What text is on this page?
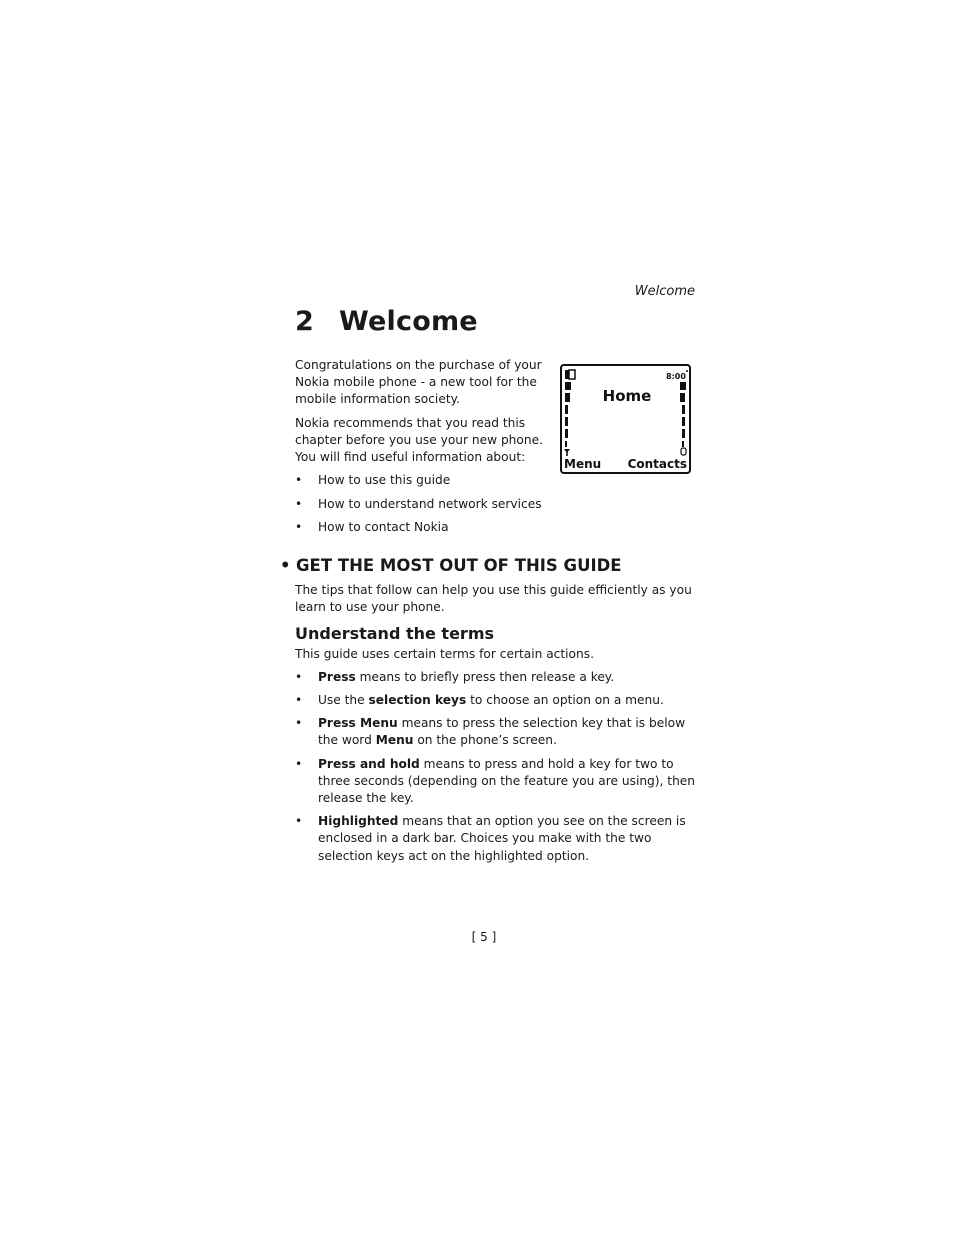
Welcome
2 Welcome

Congratulations on the purchase of your Nokia mobile phone - a new tool for the mobile information society.

Nokia recommends that you read this chapter before you use your new phone. You will find useful information about:

• How to use this guide
• How to understand network services
• How to contact Nokia
8:00
Home
Menu Contacts
• GET THE MOST OUT OF THIS GUIDE

The tips that follow can help you use this guide efficiently as you learn to use your phone.

Understand the terms

This guide uses certain terms for certain actions.

• Press means to briefly press then release a key.
• Use the selection keys to choose an option on a menu.
• Press Menu means to press the selection key that is below the word Menu on the phone’s screen.
• Press and hold means to press and hold a key for two to three seconds (depending on the feature you are using), then release the key.
• Highlighted means that an option you see on the screen is enclosed in a dark bar. Choices you make with the two selection keys act on the highlighted option.
[ 5 ]
